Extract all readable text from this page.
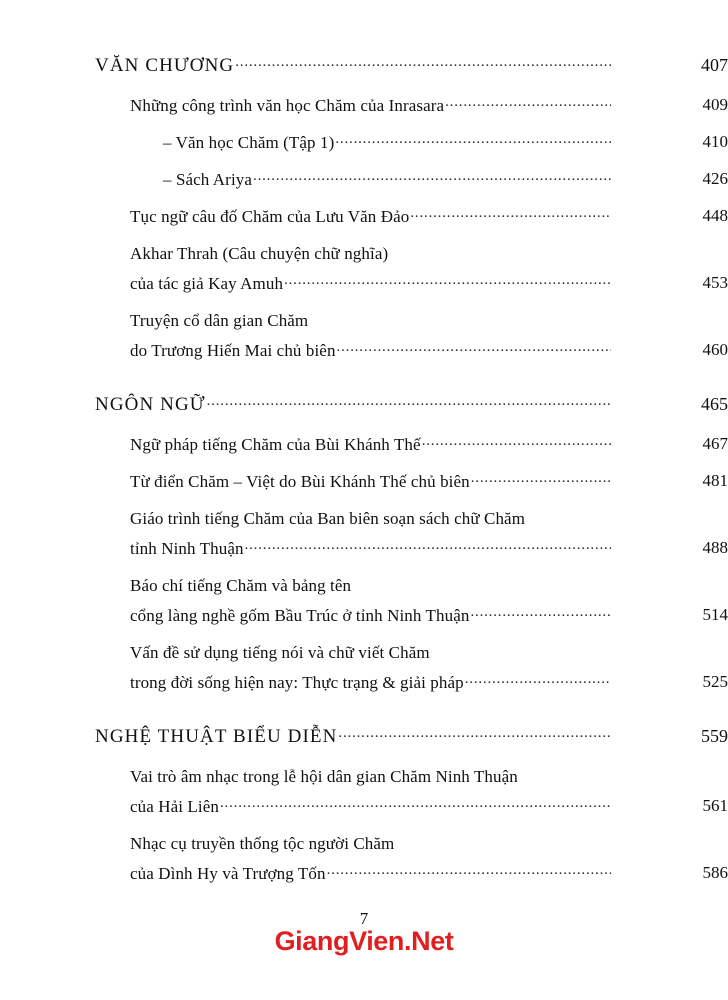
VĂN CHƯƠNG .....	407
Những công trình văn học Chăm của Inrasara .....	409
– Văn học Chăm (Tập 1) .....	410
– Sách Ariya .....	426
Tục ngữ câu đố Chăm của Lưu Văn Đảo .....	448
Akhar Thrah (Câu chuyện chữ nghĩa)
của tác giả Kay Amuh .....	453
Truyện cổ dân gian Chăm
do Trương Hiến Mai chủ biên .....	460
NGÔN NGỮ .....	465
Ngữ pháp tiếng Chăm của Bùi Khánh Thế .....	467
Từ điển Chăm – Việt do Bùi Khánh Thế chủ biên .....	481
Giáo trình tiếng Chăm của Ban biên soạn sách chữ Chăm
tỉnh Ninh Thuận .....	488
Báo chí tiếng Chăm và bảng tên
cổng làng nghề gốm Bầu Trúc ở tỉnh Ninh Thuận .....	514
Vấn đề sử dụng tiếng nói và chữ viết Chăm
trong đời sống hiện nay: Thực trạng & giải pháp .....	525
NGHỆ THUẬT BIỂU DIỄN .....	559
Vai trò âm nhạc trong lễ hội dân gian Chăm Ninh Thuận
của Hải Liên .....	561
Nhạc cụ truyền thống tộc người Chăm
của Dình Hy và Trượng Tốn .....	586
7
GiangVien.Net
